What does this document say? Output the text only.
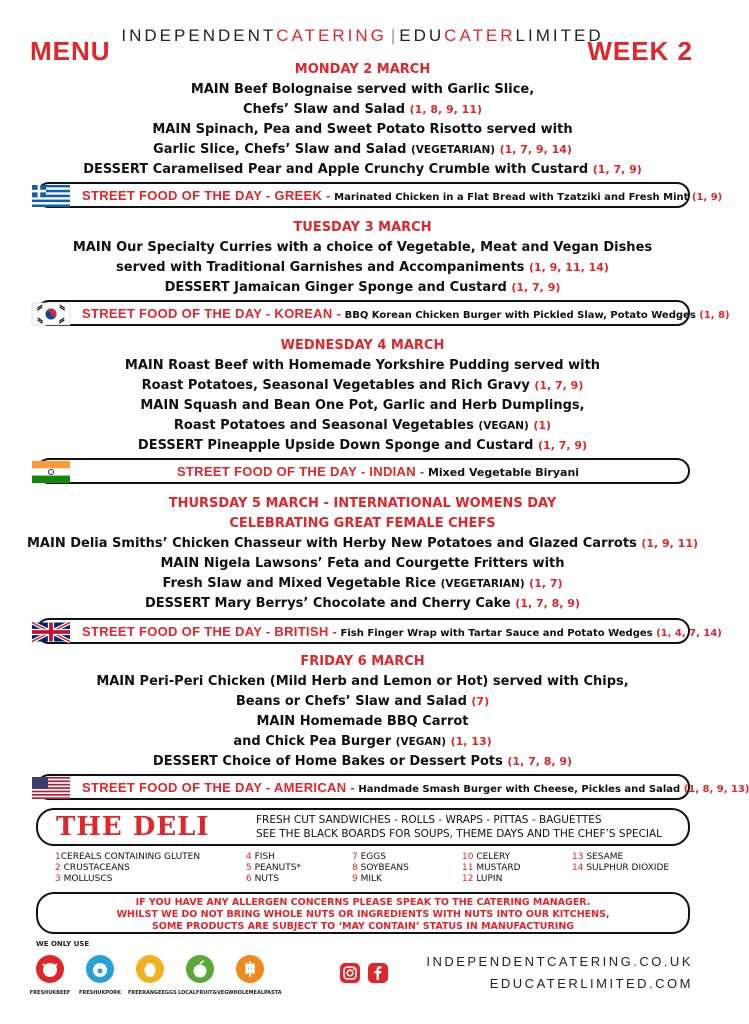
INDEPENDENTCATERING | EDUCATERLIMITED
MENU	WEEK 2
MONDAY 2 MARCH
MAIN Beef Bolognaise served with Garlic Slice,
Chefs’ Slaw and Salad (1, 8, 9, 11)
MAIN Spinach, Pea and Sweet Potato Risotto served with
Garlic Slice, Chefs’ Slaw and Salad (VEGETARIAN) (1, 7, 9, 14)
DESSERT Caramelised Pear and Apple Crunchy Crumble with Custard (1, 7, 9)
STREET FOOD OF THE DAY - GREEK - Marinated Chicken in a Flat Bread with Tzatziki and Fresh Mint (1, 9)
TUESDAY 3 MARCH
MAIN Our Specialty Curries with a choice of Vegetable, Meat and Vegan Dishes
served with Traditional Garnishes and Accompaniments (1, 9, 11, 14)
DESSERT Jamaican Ginger Sponge and Custard (1, 7, 9)
STREET FOOD OF THE DAY - KOREAN - BBQ Korean Chicken Burger with Pickled Slaw, Potato Wedges (1, 8)
WEDNESDAY 4 MARCH
MAIN Roast Beef with Homemade Yorkshire Pudding served with
Roast Potatoes, Seasonal Vegetables and Rich Gravy (1, 7, 9)
MAIN Squash and Bean One Pot, Garlic and Herb Dumplings,
Roast Potatoes and Seasonal Vegetables (VEGAN) (1)
DESSERT Pineapple Upside Down Sponge and Custard (1, 7, 9)
STREET FOOD OF THE DAY - INDIAN - Mixed Vegetable Biryani
THURSDAY 5 MARCH - INTERNATIONAL WOMENS DAY
CELEBRATING GREAT FEMALE CHEFS
MAIN Delia Smiths’ Chicken Chasseur with Herby New Potatoes and Glazed Carrots (1, 9, 11)
MAIN Nigela Lawsons’ Feta and Courgette Fritters with
Fresh Slaw and Mixed Vegetable Rice (VEGETARIAN) (1, 7)
DESSERT Mary Berrys’ Chocolate and Cherry Cake (1, 7, 8, 9)
STREET FOOD OF THE DAY - BRITISH - Fish Finger Wrap with Tartar Sauce and Potato Wedges (1, 4, 7, 14)
FRIDAY 6 MARCH
MAIN Peri-Peri Chicken (Mild Herb and Lemon or Hot) served with Chips,
Beans or Chefs’ Slaw and Salad (7)
MAIN Homemade BBQ Carrot
and Chick Pea Burger (VEGAN) (1, 13)
DESSERT Choice of Home Bakes or Dessert Pots (1, 7, 8, 9)
STREET FOOD OF THE DAY - AMERICAN - Handmade Smash Burger with Cheese, Pickles and Salad (1, 8, 9, 13)
THE DELI	FRESH CUT SANDWICHES - ROLLS - WRAPS - PITTAS - BAGUETTES
SEE THE BLACK BOARDS FOR SOUPS, THEME DAYS AND THE CHEF’S SPECIAL
1CEREALS CONTAINING GLUTEN
2 CRUSTACEANS
3 MOLLUSCS
4 FISH
5 PEANUTS*
6 NUTS
7 EGGS
8 SOYBEANS
9 MILK
10 CELERY
11 MUSTARD
12 LUPIN
13 SESAME
14 SULPHUR DIOXIDE
IF YOU HAVE ANY ALLERGEN CONCERNS PLEASE SPEAK TO THE CATERING MANAGER.
WHILST WE DO NOT BRING WHOLE NUTS OR INGREDIENTS WITH NUTS INTO OUR KITCHENS,
SOME PRODUCTS ARE SUBJECT TO ‘MAY CONTAIN’ STATUS IN MANUFACTURING
WE ONLY USE
FRESHUKBEEF	FRESHUKPORK FREERANGEEGGS LOCALFRUIT&VEG WHOLEMEALPASTA
INDEPENDENTCATERING.CO.UK
EDUCATERLIMITED.COM
